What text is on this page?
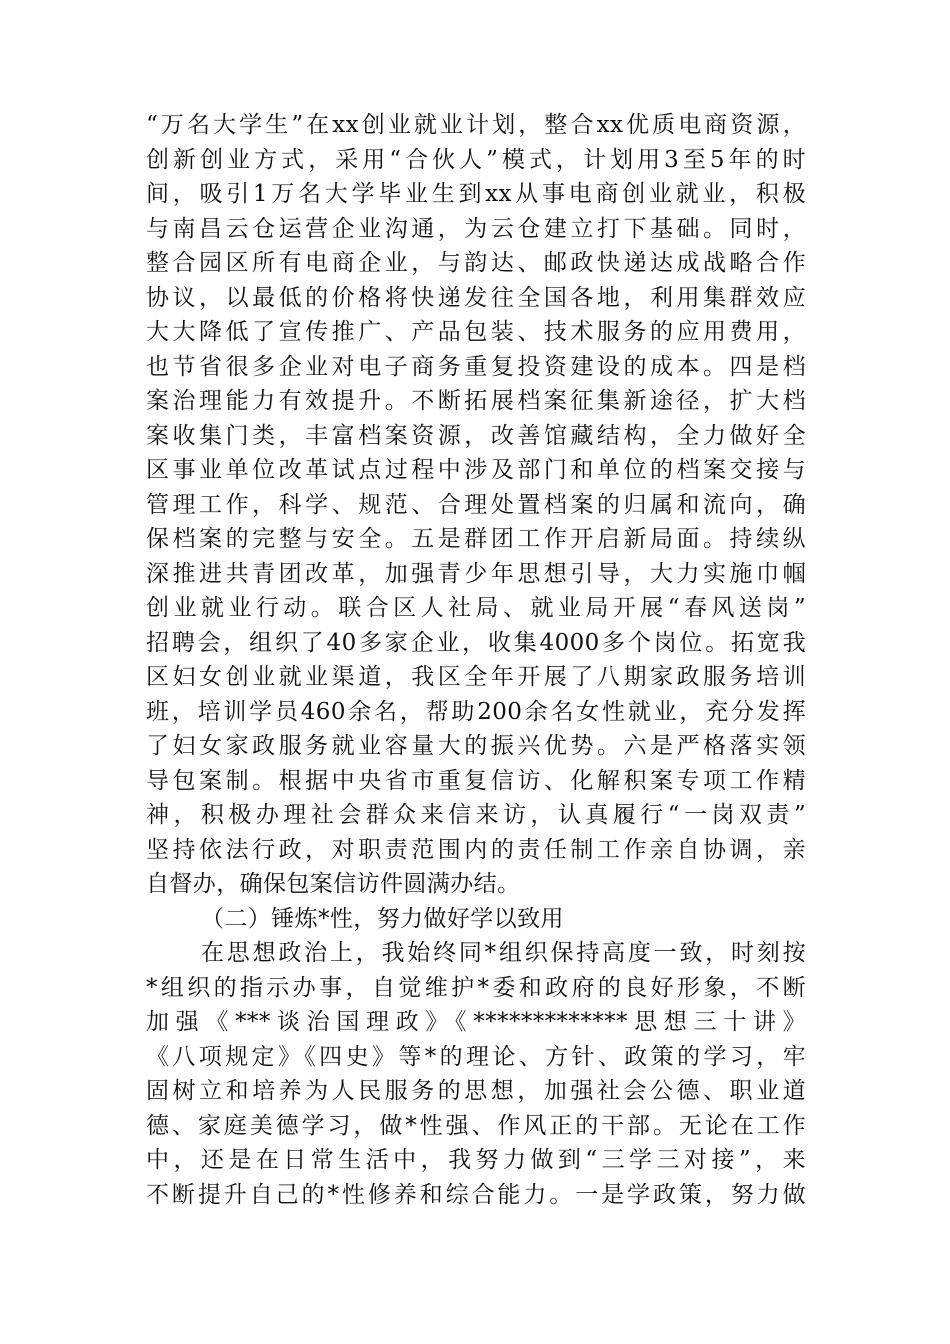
“万名大学生”在xx创业就业计划，整合xx优质电商资源，
创新创业方式，采用“合伙人”模式，计划用3至5年的时
间，吸引1万名大学毕业生到xx从事电商创业就业，积极
与南昌云仓运营企业沟通，为云仓建立打下基础。同时，
整合园区所有电商企业，与韵达、邮政快递达成战略合作
协议，以最低的价格将快递发往全国各地，利用集群效应
大大降低了宣传推广、产品包装、技术服务的应用费用，
也节省很多企业对电子商务重复投资建设的成本。四是档
案治理能力有效提升。不断拓展档案征集新途径，扩大档
案收集门类，丰富档案资源，改善馆藏结构，全力做好全
区事业单位改革试点过程中涉及部门和单位的档案交接与
管理工作，科学、规范、合理处置档案的归属和流向，确
保档案的完整与安全。五是群团工作开启新局面。持续纵
深推进共青团改革，加强青少年思想引导，大力实施巾帼
创业就业行动。联合区人社局、就业局开展“春风送岗”
招聘会，组织了40多家企业，收集4000多个岗位。拓宽我
区妇女创业就业渠道，我区全年开展了八期家政服务培训
班，培训学员460余名，帮助200余名女性就业，充分发挥
了妇女家政服务就业容量大的振兴优势。六是严格落实领
导包案制。根据中央省市重复信访、化解积案专项工作精
神，积极办理社会群众来信来访，认真履行“一岗双责”
坚持依法行政，对职责范围内的责任制工作亲自协调，亲
自督办，确保包案信访件圆满办结。
（二）锤炼*性，努力做好学以致用
在思想政治上，我始终同*组织保持高度一致，时刻按
*组织的指示办事，自觉维护*委和政府的良好形象，不断
加强《***谈治国理政》《*************思想三十讲》
《八项规定》《四史》等*的理论、方针、政策的学习，牢
固树立和培养为人民服务的思想，加强社会公德、职业道
德、家庭美德学习，做*性强、作风正的干部。无论在工作
中，还是在日常生活中，我努力做到“三学三对接”，来
不断提升自己的*性修养和综合能力。一是学政策，努力做
